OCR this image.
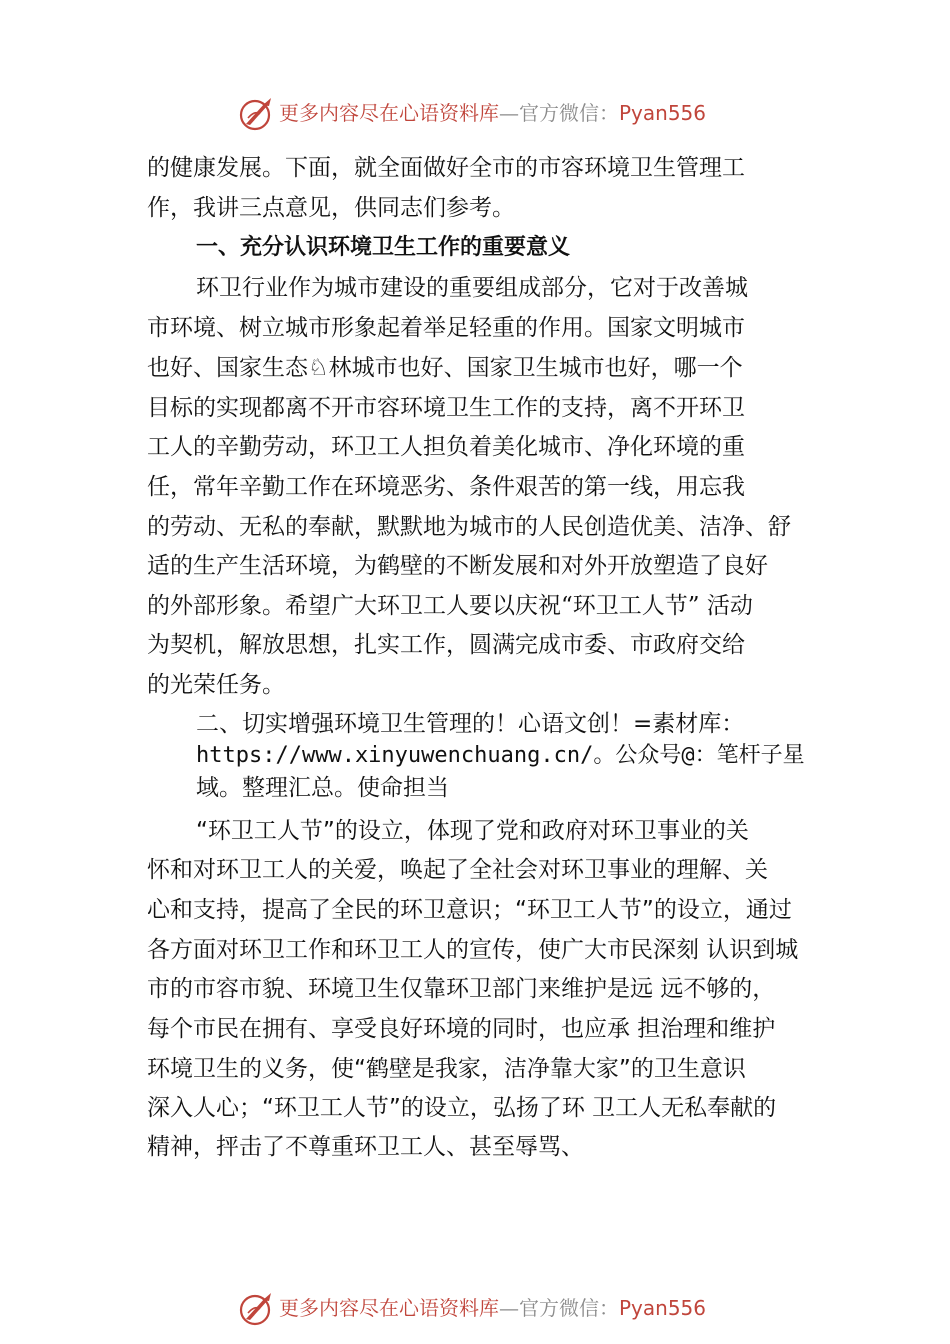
更多内容尽在心语资料库—官方微信：Pyan556
的健康发展。下面，就全面做好全市的市容环境卫生管理工
作，我讲三点意见，供同志们参考。
一、充分认识环境卫生工作的重要意义
环卫行业作为城市建设的重要组成部分，它对于改善城
市环境、树立城市形象起着举足轻重的作用。国家文明城市
也好、国家生态♘林城市也好、国家卫生城市也好，哪一个
目标的实现都离不开市容环境卫生工作的支持，离不开环卫
工人的辛勤劳动，环卫工人担负着美化城市、净化环境的重
任，常年辛勤工作在环境恶劣、条件艰苦的第一线，用忘我
的劳动、无私的奉献，默默地为城市的人民创造优美、洁净、舒
适的生产生活环境，为鹤壁的不断发展和对外开放塑造了良好
的外部形象。希望广大环卫工人要以庆祝“环卫工人节” 活动
为契机，解放思想，扎实工作，圆满完成市委、市政府交给
的光荣任务。
二、切实增强环境卫生管理的！心语文创！=素材库：
https://www.xinyuwenchuang.cn/。公众号@：笔杆子星
域。整理汇总。使命担当
“环卫工人节”的设立，体现了党和政府对环卫事业的关
怀和对环卫工人的关爱，唤起了全社会对环卫事业的理解、关
心和支持，提高了全民的环卫意识；“环卫工人节”的设立，通过
各方面对环卫工作和环卫工人的宣传，使广大市民深刻 认识到城
市的市容市貌、环境卫生仅靠环卫部门来维护是远 远不够的，
每个市民在拥有、享受良好环境的同时，也应承 担治理和维护
环境卫生的义务，使“鹤壁是我家，洁净靠大家”的卫生意识
深入人心；“环卫工人节”的设立，弘扬了环 卫工人无私奉献的
精神，抨击了不尊重环卫工人、甚至辱骂、
更多内容尽在心语资料库—官方微信：Pyan556
